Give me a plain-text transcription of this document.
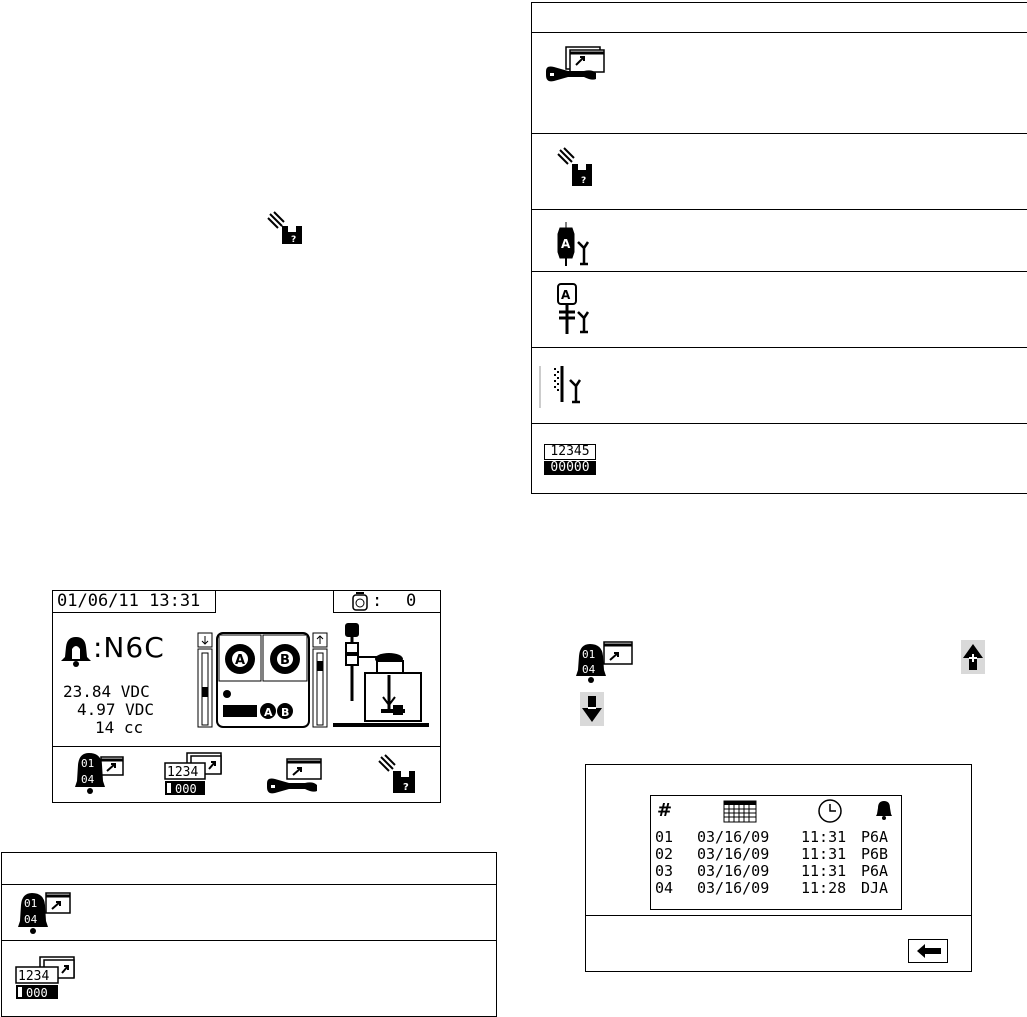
?
?
A
A
12345
00000
01/06/11 13:31	: 0
:N6C
23.84 VDC
4.97 VDC
14 cc
A	B
A B
01
04	1234
000	?
01
04
1234
000
01
04
#
01 03/16/09 11:31 P6A
02 03/16/09 11:31 P6B
03 03/16/09 11:31 P6A
04 03/16/09 11:28 DJA
